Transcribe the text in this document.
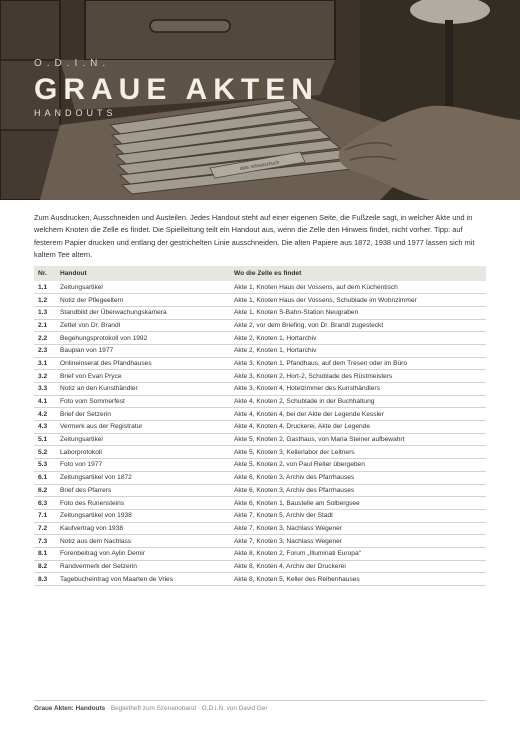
O.D.I.N.
GRAUE AKTEN
HANDOUTS

Zum Ausdrucken, Ausschneiden und Austeilen. Jedes Handout steht auf einer eigenen Seite, die Fußzeile sagt, in welcher Akte und in welchem Knoten die Zelle es findet. Die Spielleitung teilt ein Handout aus, wenn die Zelle den Hinweis findet, nicht vorher. Tipp: auf festerem Papier drucken und entlang der gestrichelten Linie ausschneiden. Die alten Papiere aus 1872, 1938 und 1977 lassen sich mit kaltem Tee altern.

Nr.	Handout	Wo die Zelle es findet
1.1	Zeitungsartikel	Akte 1, Knoten Haus der Vossens, auf dem Küchentisch
1.2	Notiz der Pflegeeltern	Akte 1, Knoten Haus der Vossens, Schublade im Wohnzimmer
1.3	Standbild der Überwachungskamera	Akte 1, Knoten S-Bahn-Station Neugraben
2.1	Zettel von Dr. Brandl	Akte 2, vor dem Briefing, von Dr. Brandl zugesteckt
2.2	Begehungsprotokoll von 1992	Akte 2, Knoten 1, Hortarchiv
2.3	Bauplan von 1977	Akte 2, Knoten 1, Hortarchiv
3.1	Onlineinserat des Pfandhauses	Akte 3, Knoten 1, Pfandhaus, auf dem Tresen oder im Büro
3.2	Brief von Evan Pryce	Akte 3, Knoten 2, Hort-2, Schublade des Rüstmeisters
3.3	Notiz an den Kunsthändler	Akte 3, Knoten 4, Hotelzimmer des Kunsthändlers
4.1	Foto vom Sommerfest	Akte 4, Knoten 2, Schublade in der Buchhaltung
4.2	Brief der Setzerin	Akte 4, Knoten 4, bei der Akte der Legende Kessler
4.3	Vermerk aus der Registratur	Akte 4, Knoten 4, Druckerei, Akte der Legende
5.1	Zeitungsartikel	Akte 5, Knoten 2, Gasthaus, von Maria Steiner aufbewahrt
5.2	Laborprotokoll	Akte 5, Knoten 3, Kellerlabor der Leitners
5.3	Foto von 1977	Akte 5, Knoten 2, von Paul Reiter übergeben
6.1	Zeitungsartikel von 1872	Akte 6, Knoten 3, Archiv des Pfarrhauses
6.2	Brief des Pfarrers	Akte 6, Knoten 3, Archiv des Pfarrhauses
6.3	Foto des Runensteins	Akte 6, Knoten 1, Baustelle am Solbergsee
7.1	Zeitungsartikel von 1938	Akte 7, Knoten 5, Archiv der Stadt
7.2	Kaufvertrag von 1938	Akte 7, Knoten 3, Nachlass Wegener
7.3	Notiz aus dem Nachlass	Akte 7, Knoten 3, Nachlass Wegener
8.1	Forenbeitrag von Aylin Demir	Akte 8, Knoten 2, Forum „Illuminati Europa“
8.2	Randvermerk der Setzerin	Akte 8, Knoten 4, Archiv der Druckerei
8.3	Tagebucheintrag von Maarten de Vries	Akte 8, Knoten 5, Keller des Reihenhauses
Graue Akten: Handouts · Begleitheft zum Szenarioband · O.D.I.N. von David Ger
